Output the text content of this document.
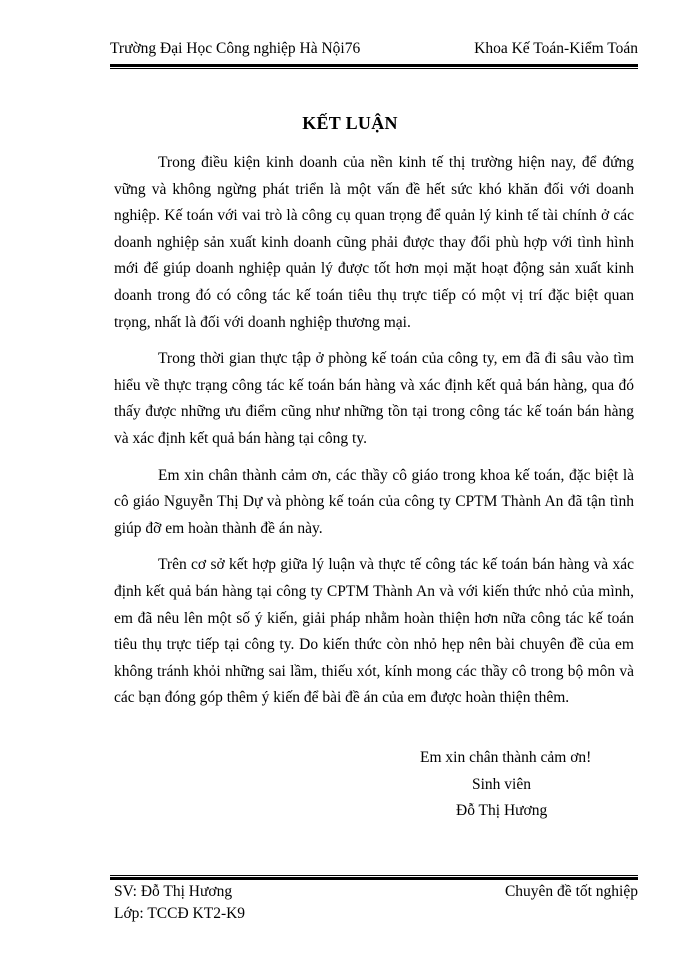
Trường Đại Học Công nghiệp Hà Nội76	Khoa Kế Toán-Kiểm Toán
KẾT LUẬN

Trong điều kiện kinh doanh của nền kinh tế thị trường hiện nay, để đứng vững và không ngừng phát triển là một vấn đề hết sức khó khăn đối với doanh nghiệp. Kế toán với vai trò là công cụ quan trọng để quản lý kinh tế tài chính ở các doanh nghiệp sản xuất kinh doanh cũng phải được thay đổi phù hợp với tình hình mới để giúp doanh nghiệp quản lý được tốt hơn mọi mặt hoạt động sản xuất kinh doanh trong đó có công tác kế toán tiêu thụ trực tiếp có một vị trí đặc biệt quan trọng, nhất là đối với doanh nghiệp thương mại.

Trong thời gian thực tập ở phòng kế toán của công ty, em đã đi sâu vào tìm hiểu về thực trạng công tác kế toán bán hàng và xác định kết quả bán hàng, qua đó thấy được những ưu điểm cũng như những tồn tại trong công tác kế toán bán hàng và xác định kết quả bán hàng tại công ty.

Em xin chân thành cảm ơn, các thầy cô giáo trong khoa kế toán, đặc biệt là cô giáo Nguyễn Thị Dự và phòng kế toán của công ty CPTM Thành An đã tận tình giúp đỡ em hoàn thành đề án này.

Trên cơ sở kết hợp giữa lý luận và thực tế công tác kế toán bán hàng và xác định kết quả bán hàng tại công ty CPTM Thành An và với kiến thức nhỏ của mình, em đã nêu lên một số ý kiến, giải pháp nhằm hoàn thiện hơn nữa công tác kế toán tiêu thụ trực tiếp tại công ty. Do kiến thức còn nhỏ hẹp nên bài chuyên đề của em không tránh khỏi những sai lầm, thiếu xót, kính mong các thầy cô trong bộ môn và các bạn đóng góp thêm ý kiến để bài đề án của em được hoàn thiện thêm.

Em xin chân thành cảm ơn!
Sinh viên
Đỗ Thị Hương
SV: Đỗ Thị Hương
Lớp: TCCĐ KT2-K9
Chuyên đề tốt nghiệp
